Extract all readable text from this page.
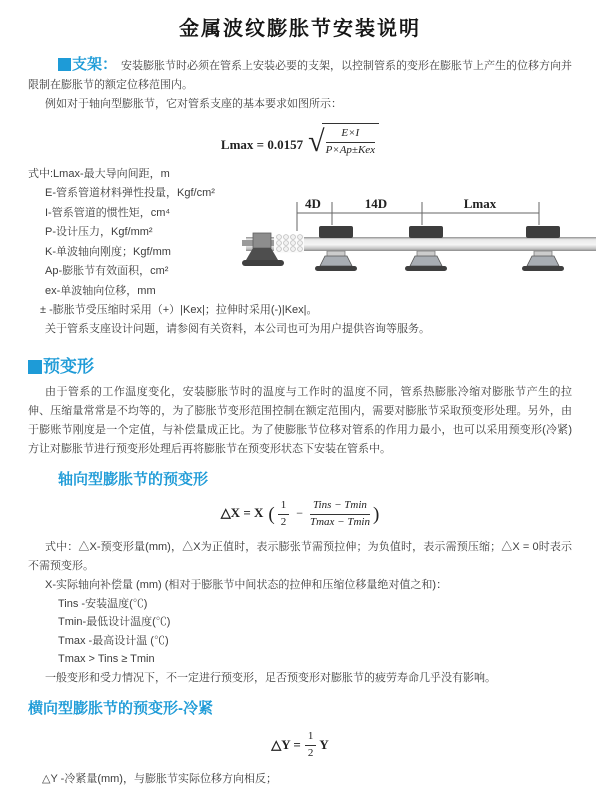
金属波纹膨胀节安装说明

支架： 安装膨胀节时必须在管系上安装必要的支架，以控制管系的变形在膨胀节上产生的位移方向并限制在膨胀节的额定位移范围内。

例如对于轴向型膨胀节，它对管系支座的基本要求如图所示：

Lmax = 0.0157 √ $\frac{E\times I}{\text{P×Ap±Kex}}$
式中:Lmax-最大导向间距，m
E-管系管道材料弹性投量，Kgf/cm²
I-管系管道的惯性矩，cm⁴
P-设计压力，Kgf/mm²
K-单波轴向刚度；Kgf/mm
Ap-膨胀节有效面积，cm²
ex-单波轴向位移，mm
4D	14D	Lmax

± -膨胀节受压缩时采用（+）|Kex|；拉伸时采用(-)|Kex|。

关于管系支座设计问题，请参阅有关资料，本公司也可为用户提供咨询等服务。

预变形

由于管系的工作温度变化，安装膨胀节时的温度与工作时的温度不同，管系热膨胀冷缩对膨胀节产生的拉伸、压缩量常常是不均等的，为了膨胀节变形范围控制在额定范围内，需要对膨胀节采取预变形处理。另外，由于膨账节刚度是一个定值，与补偿量成正比。为了使膨胀节位移对管系的作用力最小，也可以采用预变形(冷紧)方让对膨胀节进行预变形处理后再将膨胀节在预变形状态下安装在管系中。

轴向型膨胀节的预变形
△X = X ( $\frac{1}{2} - \frac{\text{Tins − Tmin}}{Tmax - Tmin}$ )

式中：△X-预变形量(mm)，△X为正值时，表示膨张节需预拉伸；为负值时，表示需预压缩；△X = 0时表示不需预变形。

X-实际轴向补偿量 (mm) (相对于膨胀节中间状态的拉伸和压缩位移量绝对值之和)：

Tins -安装温度(℃)
Tmin-最低设计温度(℃)
Tmax -最高设计温 (℃)
Tmax > Tins ≥ Tmin

一般变形和受力情况下，不一定进行预变形，足否预变形对膨胀节的疲劳寿命几乎没有影响。

横向型膨胀节的预变形-冷紧
△Y = $\frac{1}{2}$ Y

△Y -冷紧量(mm)，与膨胀节实际位移方向相反；
